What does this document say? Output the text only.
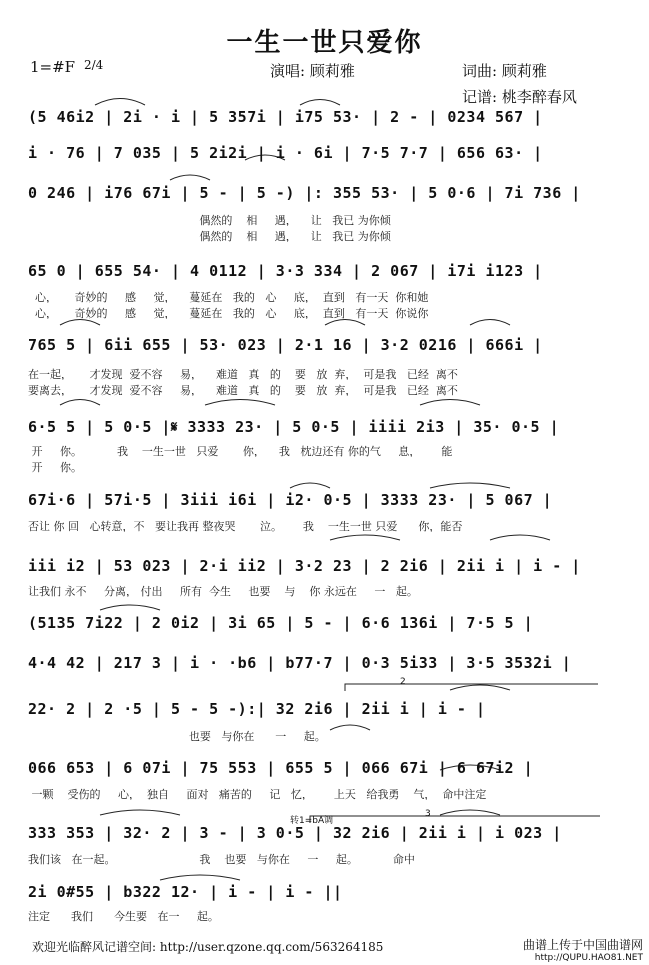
一生一世只爱你
1=#F 2/4	演唱: 顾莉雅	词曲: 顾莉雅
记谱: 桃李醉春风
2
3
转1=bA调
(5 46i2 | 2i · i | 5 357i | i75 53· | 2 - | 0234 567 |
i · 76 | 7 035 | 5 2i2i | i · 6i | 7·5 7·7 | 656 63· |
0 246 | i76 67i | 5 - | 5 -) |: 355 53· | 5 0·6 | 7i 736 |
偶然的    相     遇，    让   我已 为你倾
偶然的    相     遇，    让   我已 为你倾
65 0 | 655 54· | 4 0112 | 3·3 334 | 2 067 | i7i i123 |
心，     奇妙的     感     觉，    蔓延在   我的   心     底，  直到   有一天  你和她
心，     奇妙的     感     觉，    蔓延在   我的   心     底，  直到   有一天  你说你
765 5 | 6ii 655 | 53· 023 | 2·1 16 | 3·2 0216 | 666i |
在一起，     才发现  爱不容     易，    难道   真   的    要   放  弃，  可是我   已经  离不
要离去，     才发现  爱不容     易，    难道   真   的    要   放  弃，  可是我   已经  离不
6·5 5 | 5 0·5 |𝄋 3333 23· | 5 0·5 | iiii 2i3 | 35· 0·5 |
开     你。          我    一生一世   只爱       你，    我   枕边还有 你的气     息，      能
开     你。
67i·6 | 57i·5 | 3iii i6i | i2· 0·5 | 3333 23· | 5 067 |
否让 你 回   心转意，不   要让我再 整夜哭       泣。      我    一生一世 只爱      你，能否
iii i2 | 53 023 | 2·i ii2 | 3·2 23 | 2 2i6 | 2ii i | i - |
让我们 永不     分离， 付出     所有  今生     也要    与    你 永远在     一   起。
(5135 7i22 | 2 0i2 | 3i 65 | 5 - | 6·6 136i | 7·5 5 |
4·4 42 | 217 3 | i · ·b6 | b77·7 | 0·3 5i33 | 3·5 3532i |
22· 2 | 2 ·5 | 5 - 5 -):| 32 2i6 | 2ii i | i - |
也要   与你在      一     起。
066 653 | 6 07i | 75 553 | 655 5 | 066 67i | 6 67i2 |
一颗    受伤的     心，  独自     面对   痛苦的     记   忆，      上天   给我勇    气，  命中注定
333 353 | 32· 2 | 3 - | 3 0·5 | 32 2i6 | 2ii i | i 023 |
我们该   在一起。                        我    也要   与你在     一     起。          命中
2i 0#55 | b322 12· | i - | i - ||
注定      我们      今生要   在一     起。
欢迎光临醉风记谱空间: http://user.qzone.qq.com/563264185	曲谱上传于中国曲谱网
http://QUPU.HAO81.NET
